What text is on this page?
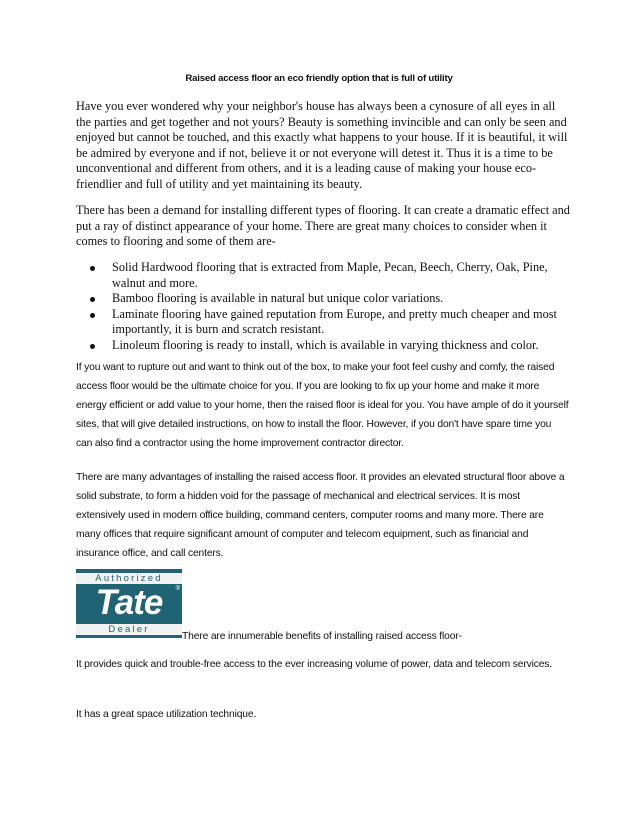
Raised access floor an eco friendly option that is full of utility

Have you ever wondered why your neighbor's house has always been a cynosure of all eyes in all the parties and get together and not yours? Beauty is something invincible and can only be seen and enjoyed but cannot be touched, and this exactly what happens to your house. If it is beautiful, it will be admired by everyone and if not, believe it or not everyone will detest it. Thus it is a time to be unconventional and different from others, and it is a leading cause of making your house eco- friendlier and full of utility and yet maintaining its beauty.

There has been a demand for installing different types of flooring. It can create a dramatic effect and put a ray of distinct appearance of your home. There are great many choices to consider when it comes to flooring and some of them are-

Solid Hardwood flooring that is extracted from Maple, Pecan, Beech, Cherry, Oak, Pine, walnut and more.
Bamboo flooring is available in natural but unique color variations.
Laminate flooring have gained reputation from Europe, and pretty much cheaper and most importantly, it is burn and scratch resistant.
Linoleum flooring is ready to install, which is available in varying thickness and color.

If you want to rupture out and want to think out of the box, to make your foot feel cushy and comfy, the raised access floor would be the ultimate choice for you. If you are looking to fix up your home and make it more energy efficient or add value to your home, then the raised floor is ideal for you. You have ample of do it yourself sites, that will give detailed instructions, on how to install the floor. However, if you don't have spare time you can also find a contractor using the home improvement contractor director.

There are many advantages of installing the raised access floor. It provides an elevated structural floor above a solid substrate, to form a hidden void for the passage of mechanical and electrical services. It is most extensively used in modern office building, command centers, computer rooms and many more. There are many offices that require significant amount of computer and telecom equipment, such as financial and insurance office, and call centers.

Authorized
Tate	®
Dealer
There are innumerable benefits of installing raised access floor-

It provides quick and trouble-free access to the ever increasing volume of power, data and telecom services.

It has a great space utilization technique.
